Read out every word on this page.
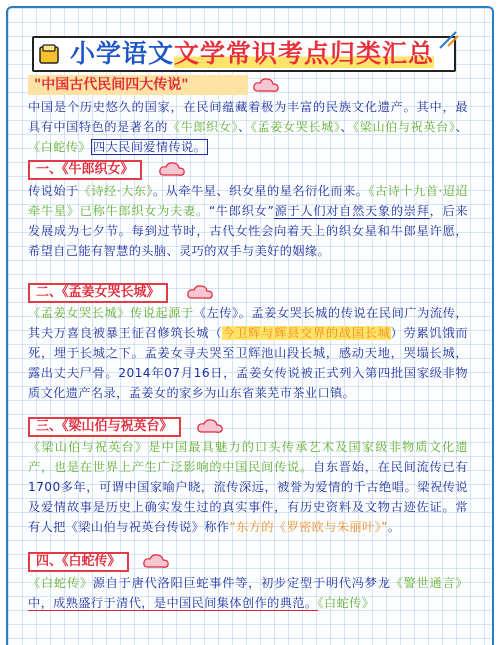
小学语文文学常识考点归类汇总
"中国古代民间四大传说"
中国是个历史悠久的国家，在民间蕴藏着极为丰富的民族文化遗产。其中，最具有中国特色的是著名的《牛郎织女》、《孟姜女哭长城》、《梁山伯与祝英台》、《白蛇传》 四大民间爱情传说。
一、《牛郎织女》
传说始于《诗经·大东》。从牵牛星、织女星的星名衍化而来。《古诗十九首·迢迢牵牛星》已称牛郎织女为夫妻。“牛郎织女”源于人们对自然天象的崇拜，后来发展成为七夕节。每到过节时，古代女性会向着天上的织女星和牛郎星许愿，希望自己能有智慧的头脑、灵巧的双手与美好的姻缘。
二、《孟姜女哭长城》
《孟姜女哭长城》传说起源于《左传》。孟姜女哭长城的传说在民间广为流传，其夫万喜良被暴王征召修筑长城（今卫辉与辉县交界的战国长城）劳累饥饿而死，埋于长城之下。孟姜女寻夫哭至卫辉池山段长城，感动天地，哭塌长城，露出丈夫尸骨。2014年07月16日，孟姜女传说被正式列入第四批国家级非物质文化遗产名录，孟姜女的家乡为山东省莱芜市茶业口镇。
三、《梁山伯与祝英台》
《梁山伯与祝英台》是中国最具魅力的口头传承艺术及国家级非物质文化遗产，也是在世界上产生广泛影响的中国民间传说。自东晋始，在民间流传已有1700多年，可谓中国家喻户晓，流传深远，被誉为爱情的千古绝唱。梁祝传说及爱情故事是历史上确实发生过的真实事件，有历史资料及文物古迹佐证。常有人把《梁山伯与祝英台传说》称作“东方的《罗密欧与朱丽叶》”。
四、《白蛇传》
《白蛇传》源自于唐代洛阳巨蛇事件等，初步定型于明代冯梦龙《警世通言》中，成熟盛行于清代，是中国民间集体创作的典范。《白蛇传》
